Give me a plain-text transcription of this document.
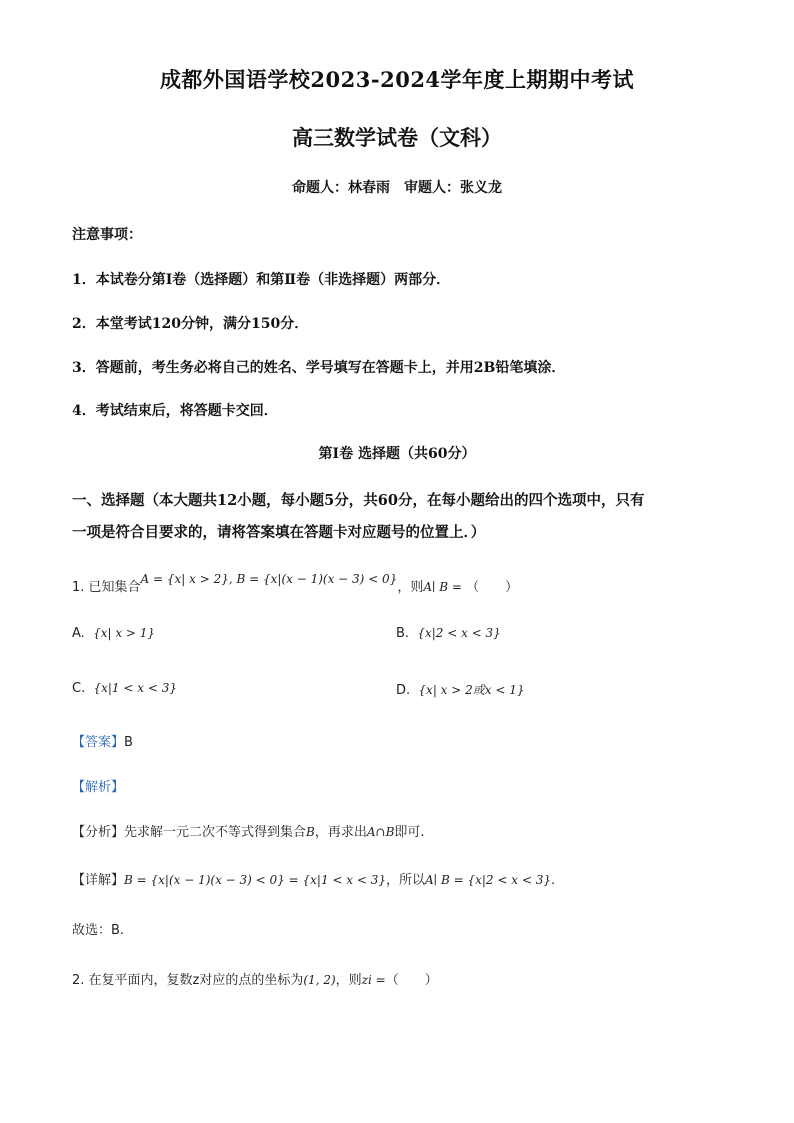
成都外国语学校2023-2024学年度上期期中考试
高三数学试卷（文科）
命题人：林春雨　审题人：张义龙
注意事项：
1．本试卷分第Ⅰ卷（选择题）和第Ⅱ卷（非选择题）两部分．
2．本堂考试120分钟，满分150分．
3．答题前，考生务必将自己的姓名、学号填写在答题卡上，并用2B铅笔填涂．
4．考试结束后，将答题卡交回．
第Ⅰ卷 选择题（共60分）
一、选择题（本大题共12小题，每小题5分，共60分，在每小题给出的四个选项中，只有
一项是符合目要求的，请将答案填在答题卡对应题号的位置上．）
1. 已知集合A = {x| x > 2}, B = {x|(x − 1)(x − 3) < 0}，则A∣ B = （　　）
A. {x| x > 1}	B. {x|2 < x < 3}
C. {x|1 < x < 3}	D. {x| x > 2或x < 1}
【答案】B
【解析】
【分析】先求解一元二次不等式得到集合B，再求出A∩B即可.
【详解】B = {x|(x − 1)(x − 3) < 0} = {x|1 < x < 3}，所以A∣ B = {x|2 < x < 3}.
故选：B.
2. 在复平面内，复数z对应的点的坐标为(1, 2)，则zi =（　　）
